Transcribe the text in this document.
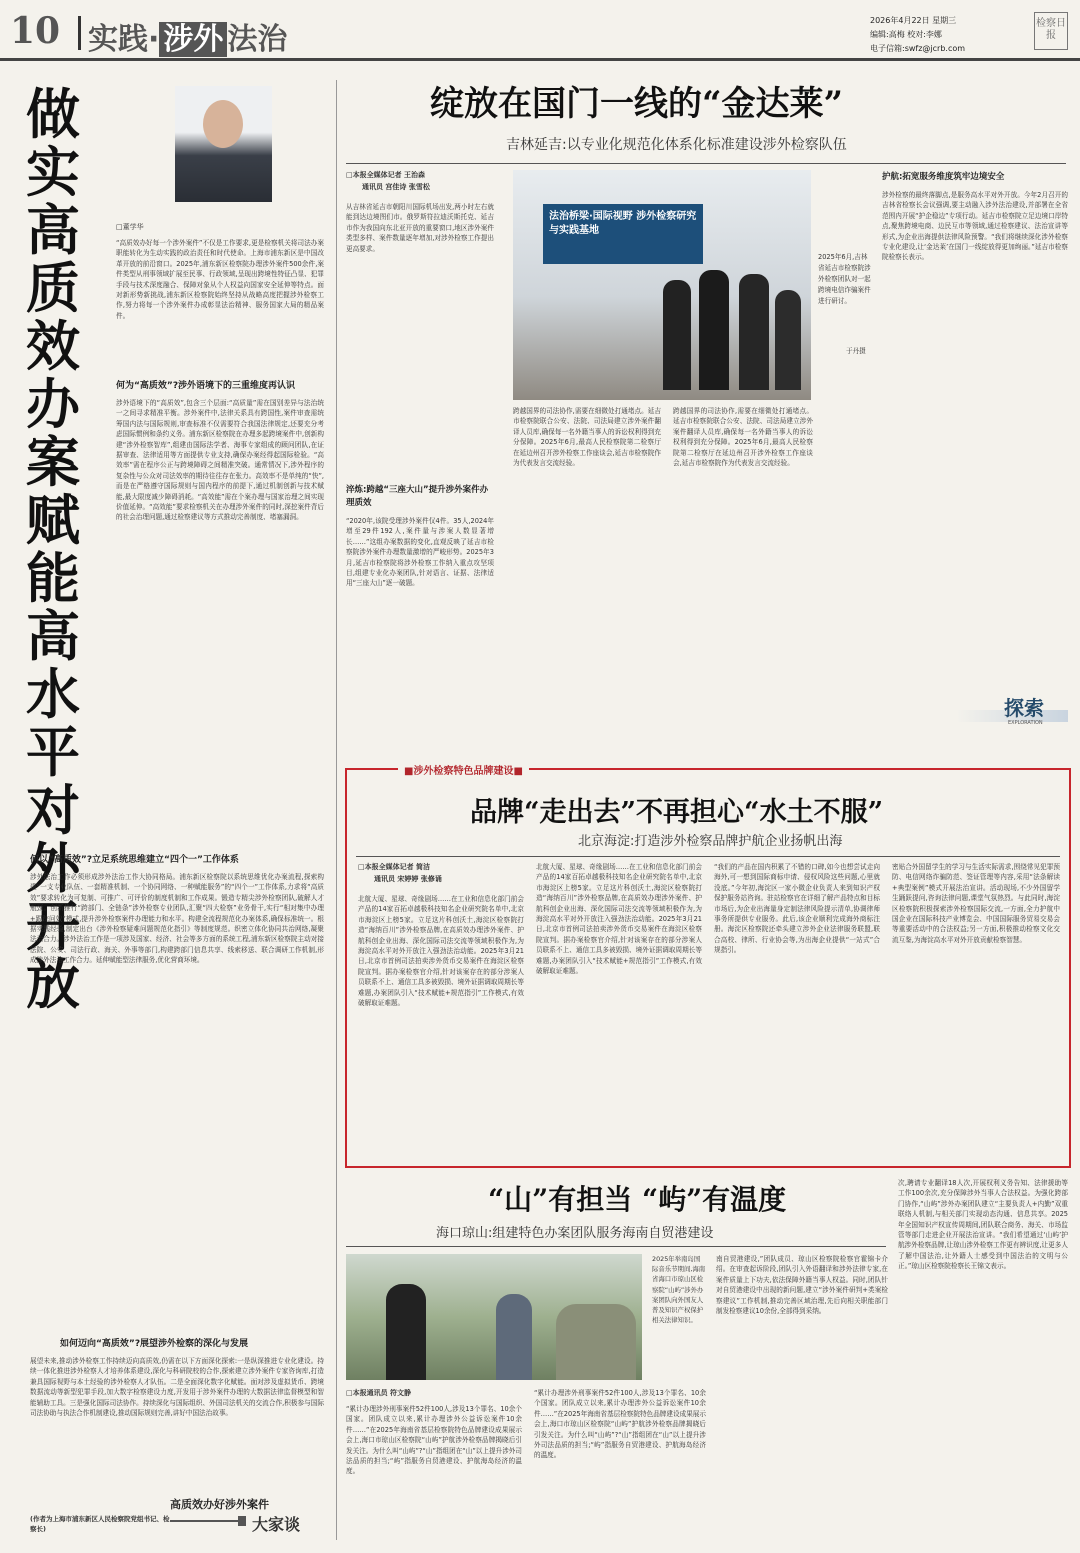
10 实践· 涉外 法治
2026年4月22日 星期三
编辑:高梅 校对:李娜
电子信箱:swfz@jcrb.com
检察日报
做实高质效办案 赋能高水平对外开放
□董学华
“高质效办好每一个涉外案件”不仅是工作要求,更是检察机关将司法办案职能转化为生动实践的政治责任和时代使命。上海市浦东新区是中国改革开放的前沿窗口。2025年,浦东新区检察院办理涉外案件500余件,案件类型从刑事领域扩展至民事、行政领域,呈现出跨境性特征凸显、犯罪手段与技术深度融合、保障对象从个人权益向国家安全延伸等特点。面对新形势新挑战,浦东新区检察院始终坚持从战略高度把握涉外检察工作,努力将每一个涉外案件办成彰显法治精神、服务国家大局的精品案件。
何为“高质效”?涉外语境下的三重维度再认识
涉外语境下的“高质效”,包含三个层面:“高质量”需在国别差异与法治统一之间寻求精准平衡。涉外案件中,法律关系具有跨国性,案件审查需统筹国内法与国际规则,审查标准不仅需要符合我国法律规定,还要充分考虑国际惯例和条约义务。浦东新区检察院在办理多起跨境案件中,创新构建“涉外检察智库”,组建由国际法学者、海事专家组成的顾问团队,在证据审查、法律适用等方面提供专业支持,确保办案经得起国际检验。“高效率”需在程序公正与跨境障碍之间精准突破。通常情况下,涉外程序的复杂性与公众对司法效率的期待往往存在张力。高效率不是单纯的“快”,而是在严格遵守国际规则与国内程序的前提下,通过机制创新与技术赋能,最大限度减少障碍消耗。“高效能”需在个案办理与国家治理之间实现价值延伸。“高效能”要求检察机关在办理涉外案件的同时,深挖案件背后的社会治理问题,通过检察建议等方式推动完善制度、堵塞漏洞。
何以“高质效”?立足系统思维建立“四个一”工作体系
涉外法治工作必须形成涉外法治工作大协同格局。浦东新区检察院以系统思维优化办案流程,探索构建“一支专业队伍、一套精准机制、一个协同网络、一种赋能服务”的“四个一”工作体系,力求将“高质效”要求转化为可复制、可推广、可评价的制度机制和工作成果。锻造专精尖涉外检察团队,破解人才瓶颈。创新推行“跨部门、全链条”涉外检察专业团队,汇聚“四大检察”业务骨干,实行“相对集中办理+跟踪问效”模式,提升涉外检察案件办理能力和水平。构建全流程规范化办案体系,确保标准统一。根据实践经验,制定出台《涉外检察疑难问题规范化指引》等制度规范。织密立体化协同共治网络,凝聚法治合力。涉外法治工作是一项涉及国家、经济、社会等多方面的系统工程,浦东新区检察院主动对接法院、公安、司法行政、海关、外事等部门,构建跨部门信息共享、线索移送、联合调研工作机制,形成涉外法治工作合力。延伸赋能型法律服务,优化营商环境。
如何迈向“高质效”?展望涉外检察的深化与发展
展望未来,推动涉外检察工作持续迈向高质效,仍需在以下方面深化探索:一是纵深推进专业化建设。持续一体化推进涉外检察人才培养体系建设,深化与科研院校的合作,探索建立涉外案件专家咨询库,打造兼具国际视野与本土经验的涉外检察人才队伍。二是全面深化数字化赋能。面对涉及虚拟货币、跨境数据流动等新型犯罪手段,加大数字检察建设力度,开发用于涉外案件办理的大数据法律监督模型和智能辅助工具。三是强化国际司法协作。持续深化与国际组织、外国司法机关的交流合作,积极参与国际司法协助与执法合作机制建设,推动国际规则完善,讲好中国法治故事。
(作者为上海市浦东新区人民检察院党组书记、检察长)
高质效办好涉外案件
大家谈
绽放在国门一线的“金达莱”
吉林延吉:以专业化规范化体系化标准建设涉外检察队伍
□本报全媒体记者 王治森
通讯员 宫佳诗 张雪松
从吉林省延吉市朝阳川国际机场出发,两小时左右就能到达边境图们市。俄罗斯符拉迪沃斯托克、延吉市作为我国向东北亚开放的重要窗口,地区涉外案件类型多样、案件数量逐年增加,对涉外检察工作提出更高要求。
淬炼:跨越“三座大山”提升涉外案件办理质效
“2020年,该院受理涉外案件仅4件。35人,2024年增至29件192人,案件量与涉案人数显著增长……”这组办案数据的变化,直观反映了延吉市检察院涉外案件办理数量激增的严峻形势。2025年3月,延吉市检察院将涉外检察工作纳入重点攻坚项目,组建专业化办案团队,针对语言、证据、法律适用“三座大山”逐一破题。
法治桥梁·国际视野 涉外检察研究与实践基地
2025年6月,吉林省延吉市检察院涉外检察团队对一起跨境电信诈骗案件进行研讨。
于丹摄
跨越国界的司法协作,需要在细微处打通堵点。延吉市检察院联合公安、法院、司法局建立涉外案件翻译人员库,确保每一名外籍当事人的诉讼权利得到充分保障。2025年6月,最高人民检察院第二检察厅在延边州召开涉外检察工作座谈会,延吉市检察院作为代表发言交流经验。
跨越国界的司法协作,需要在细微处打通堵点。延吉市检察院联合公安、法院、司法局建立涉外案件翻译人员库,确保每一名外籍当事人的诉讼权利得到充分保障。2025年6月,最高人民检察院第二检察厅在延边州召开涉外检察工作座谈会,延吉市检察院作为代表发言交流经验。
护航:拓宽服务维度筑牢边境安全
涉外检察的最终落脚点,是服务高水平对外开放。今年2月召开的吉林省检察长会议强调,要主动融入涉外法治建设,并部署在全省范围内开展“护企稳边”专项行动。延吉市检察院立足边境口岸特点,聚焦跨境电商、边民互市等领域,通过检察建议、法治宣讲等形式,为企业出海提供法律风险预警。“我们将继续深化涉外检察专业化建设,让‘金达莱’在国门一线绽放得更加绚丽。”延吉市检察院检察长表示。
探索
EXPLORATION
■涉外检察特色品牌建设■
品牌“走出去”不再担心“水土不服”
北京海淀:打造涉外检察品牌护航企业扬帆出海
□本报全媒体记者 简洁
通讯员 宋婷婷 张修诵
北航大厦、星球、奇缘剧场……在工业和信息化部门前会产品的14家百拓卓越极科技知名企业研究院名单中,北京市海淀区上榜5家。立足这片科创沃土,海淀区检察院打造“海纳百川”涉外检察品牌,在高质效办理涉外案件、护航科创企业出海、深化国际司法交流等领域积极作为,为海淀高水平对外开放注入强劲法治动能。2025年3月21日,北京市首例司法拍卖涉外货币交易案件在海淀区检察院宣判。据办案检察官介绍,针对该案存在的部分涉案人员联系不上、通信工具多被毁损、境外证据调取周期长等难题,办案团队引入“技术赋能+规范指引”工作模式,有效破解取证难题。
北航大厦、星球、奇缘剧场……在工业和信息化部门前会产品的14家百拓卓越极科技知名企业研究院名单中,北京市海淀区上榜5家。立足这片科创沃土,海淀区检察院打造“海纳百川”涉外检察品牌,在高质效办理涉外案件、护航科创企业出海、深化国际司法交流等领域积极作为,为海淀高水平对外开放注入强劲法治动能。2025年3月21日,北京市首例司法拍卖涉外货币交易案件在海淀区检察院宣判。据办案检察官介绍,针对该案存在的部分涉案人员联系不上、通信工具多被毁损、境外证据调取周期长等难题,办案团队引入“技术赋能+规范指引”工作模式,有效破解取证难题。
“我们的产品在国内积累了不错的口碑,如今也想尝试走向海外,可一想到国际商标申请、侵权风险这些问题,心里就没底。”今年初,海淀区一家小微企业负责人来到知识产权保护服务站咨询。驻站检察官在详细了解产品特点和目标市场后,为企业出海量身定制法律风险提示清单,协调律师事务所提供专业服务。此后,该企业顺利完成海外商标注册。海淀区检察院还牵头建立涉外企业法律服务联盟,联合高校、律所、行业协会等,为出海企业提供“一站式”合规指引。
密贴合外国留学生的学习与生活实际需求,围绕常见犯罪预防、电信网络诈骗防范、签证管理等内容,采用“法条解读+典型案例”模式开展法治宣讲。活动现场,不少外国留学生踊跃提问,咨询法律问题,课堂气氛热烈。与此同时,海淀区检察院积极探索涉外检察国际交流,一方面,全力护航中国企业在国际科技产业博览会、中国国际服务贸易交易会等重要活动中的合法权益;另一方面,积极推动检察文化交流互鉴,为海淀高水平对外开放贡献检察智慧。
“山”有担当 “屿”有温度
海口琼山:组建特色办案团队服务海南自贸港建设
2025年举南岛国际音乐节期间,海南省海口市琼山区检察院“山屿”涉外办案团队向外国友人普及知识产权保护相关法律知识。
□本报通讯员 符文静
“累计办理涉外刑事案件52件100人,涉及13个罪名、10余个国家。团队成立以来,累计办理涉外公益诉讼案件10余件……”在2025年海南省基层检察院特色品牌建设成果展示会上,海口市琼山区检察院“山屿”护航涉外检察品牌揭晓后引发关注。为什么叫“山屿”?“山”指组团在“山”以上提升涉外司法品质的担当;“屿”指服务自贸港建设、护航海岛经济的温度。
“累计办理涉外刑事案件52件100人,涉及13个罪名、10余个国家。团队成立以来,累计办理涉外公益诉讼案件10余件……”在2025年海南省基层检察院特色品牌建设成果展示会上,海口市琼山区检察院“山屿”护航涉外检察品牌揭晓后引发关注。为什么叫“山屿”?“山”指组团在“山”以上提升涉外司法品质的担当;“屿”指服务自贸港建设、护航海岛经济的温度。
南自贸港建设,”团队成员、琼山区检察院检察官霍锦卡介绍。在审查起诉阶段,团队引入外语翻译和涉外法律专家,在案件质量上下功夫,依法保障外籍当事人权益。同时,团队针对自贸港建设中出现的新问题,建立“涉外案件研判+类案检察建议”工作机制,推动完善区域治理,先后向相关职能部门制发检察建议10余份,全部得到采纳。
次,聘请专业翻译18人次,开展权利义务告知、法律援助等工作100余次,充分保障涉外当事人合法权益。为强化跨部门协作,“山屿”涉外办案团队建立“主要负责人+内勤”双重联络人机制,与相关部门实现动态沟通、信息共享。2025年全国知识产权宣传周期间,团队联合商务、海关、市场监管等部门走进企业开展法治宣讲。“我们希望通过‘山屿’护航涉外检察品牌,让琼山涉外检察工作更有辨识度,让更多人了解中国法治,让外籍人士感受到中国法治的文明与公正。”琼山区检察院检察长王锦文表示。
